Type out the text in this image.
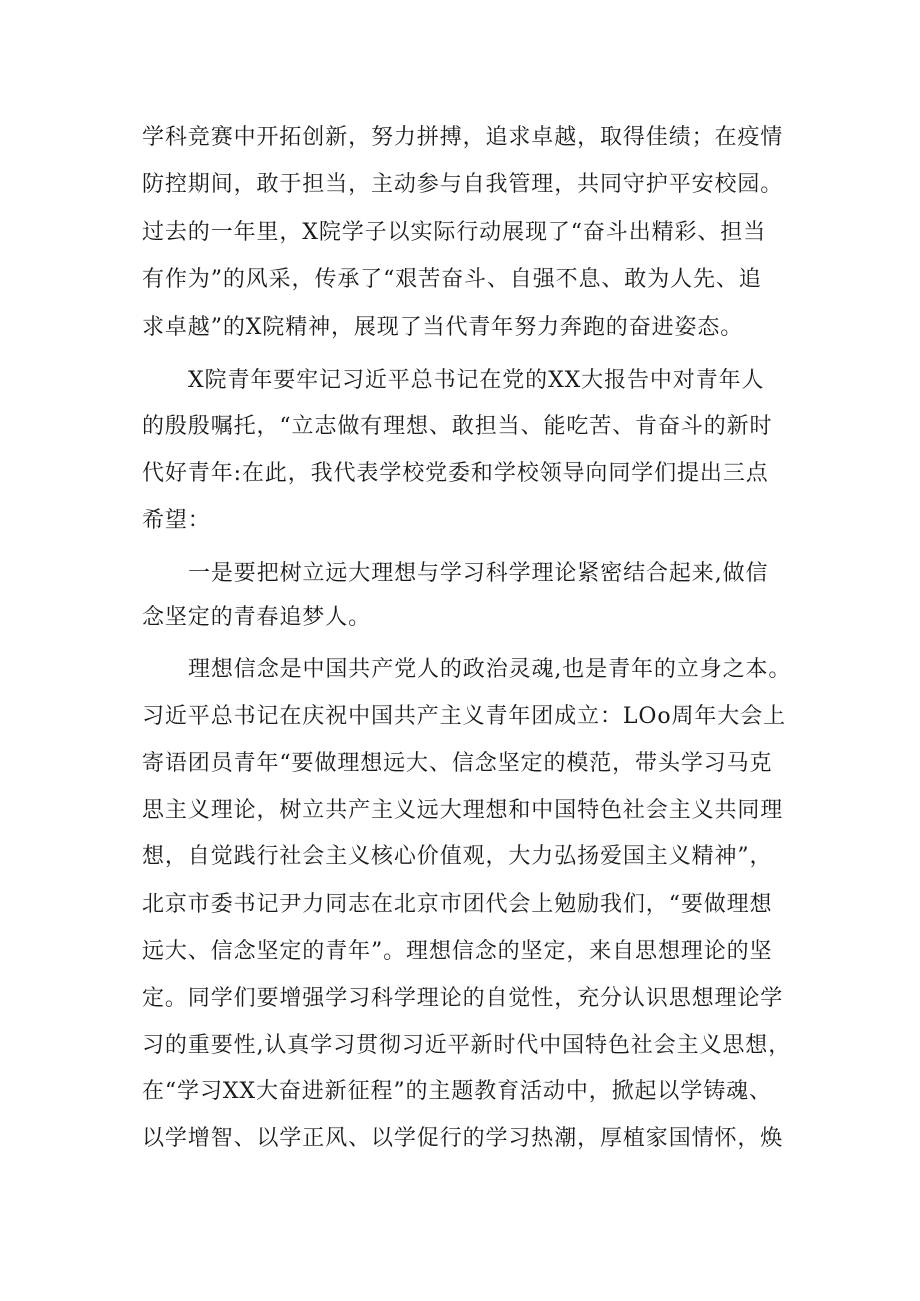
学科竞赛中开拓创新，努力拼搏，追求卓越，取得佳绩；在疫情
防控期间，敢于担当，主动参与自我管理，共同守护平安校园。
过去的一年里，X院学子以实际行动展现了“奋斗出精彩、担当
有作为”的风采，传承了“艰苦奋斗、自强不息、敢为人先、追
求卓越”的X院精神，展现了当代青年努力奔跑的奋进姿态。
X院青年要牢记习近平总书记在党的XX大报告中对青年人
的殷殷嘱托，“立志做有理想、敢担当、能吃苦、肯奋斗的新时
代好青年:在此，我代表学校党委和学校领导向同学们提出三点
希望：
一是要把树立远大理想与学习科学理论紧密结合起来,做信
念坚定的青春追梦人。
理想信念是中国共产党人的政治灵魂,也是青年的立身之本。
习近平总书记在庆祝中国共产主义青年团成立：LOo周年大会上
寄语团员青年“要做理想远大、信念坚定的模范，带头学习马克
思主义理论，树立共产主义远大理想和中国特色社会主义共同理
想，自觉践行社会主义核心价值观，大力弘扬爱国主义精神”，
北京市委书记尹力同志在北京市团代会上勉励我们，“要做理想
远大、信念坚定的青年”。理想信念的坚定，来自思想理论的坚
定。同学们要增强学习科学理论的自觉性，充分认识思想理论学
习的重要性,认真学习贯彻习近平新时代中国特色社会主义思想，
在“学习XX大奋进新征程”的主题教育活动中，掀起以学铸魂、
以学增智、以学正风、以学促行的学习热潮，厚植家国情怀，焕
